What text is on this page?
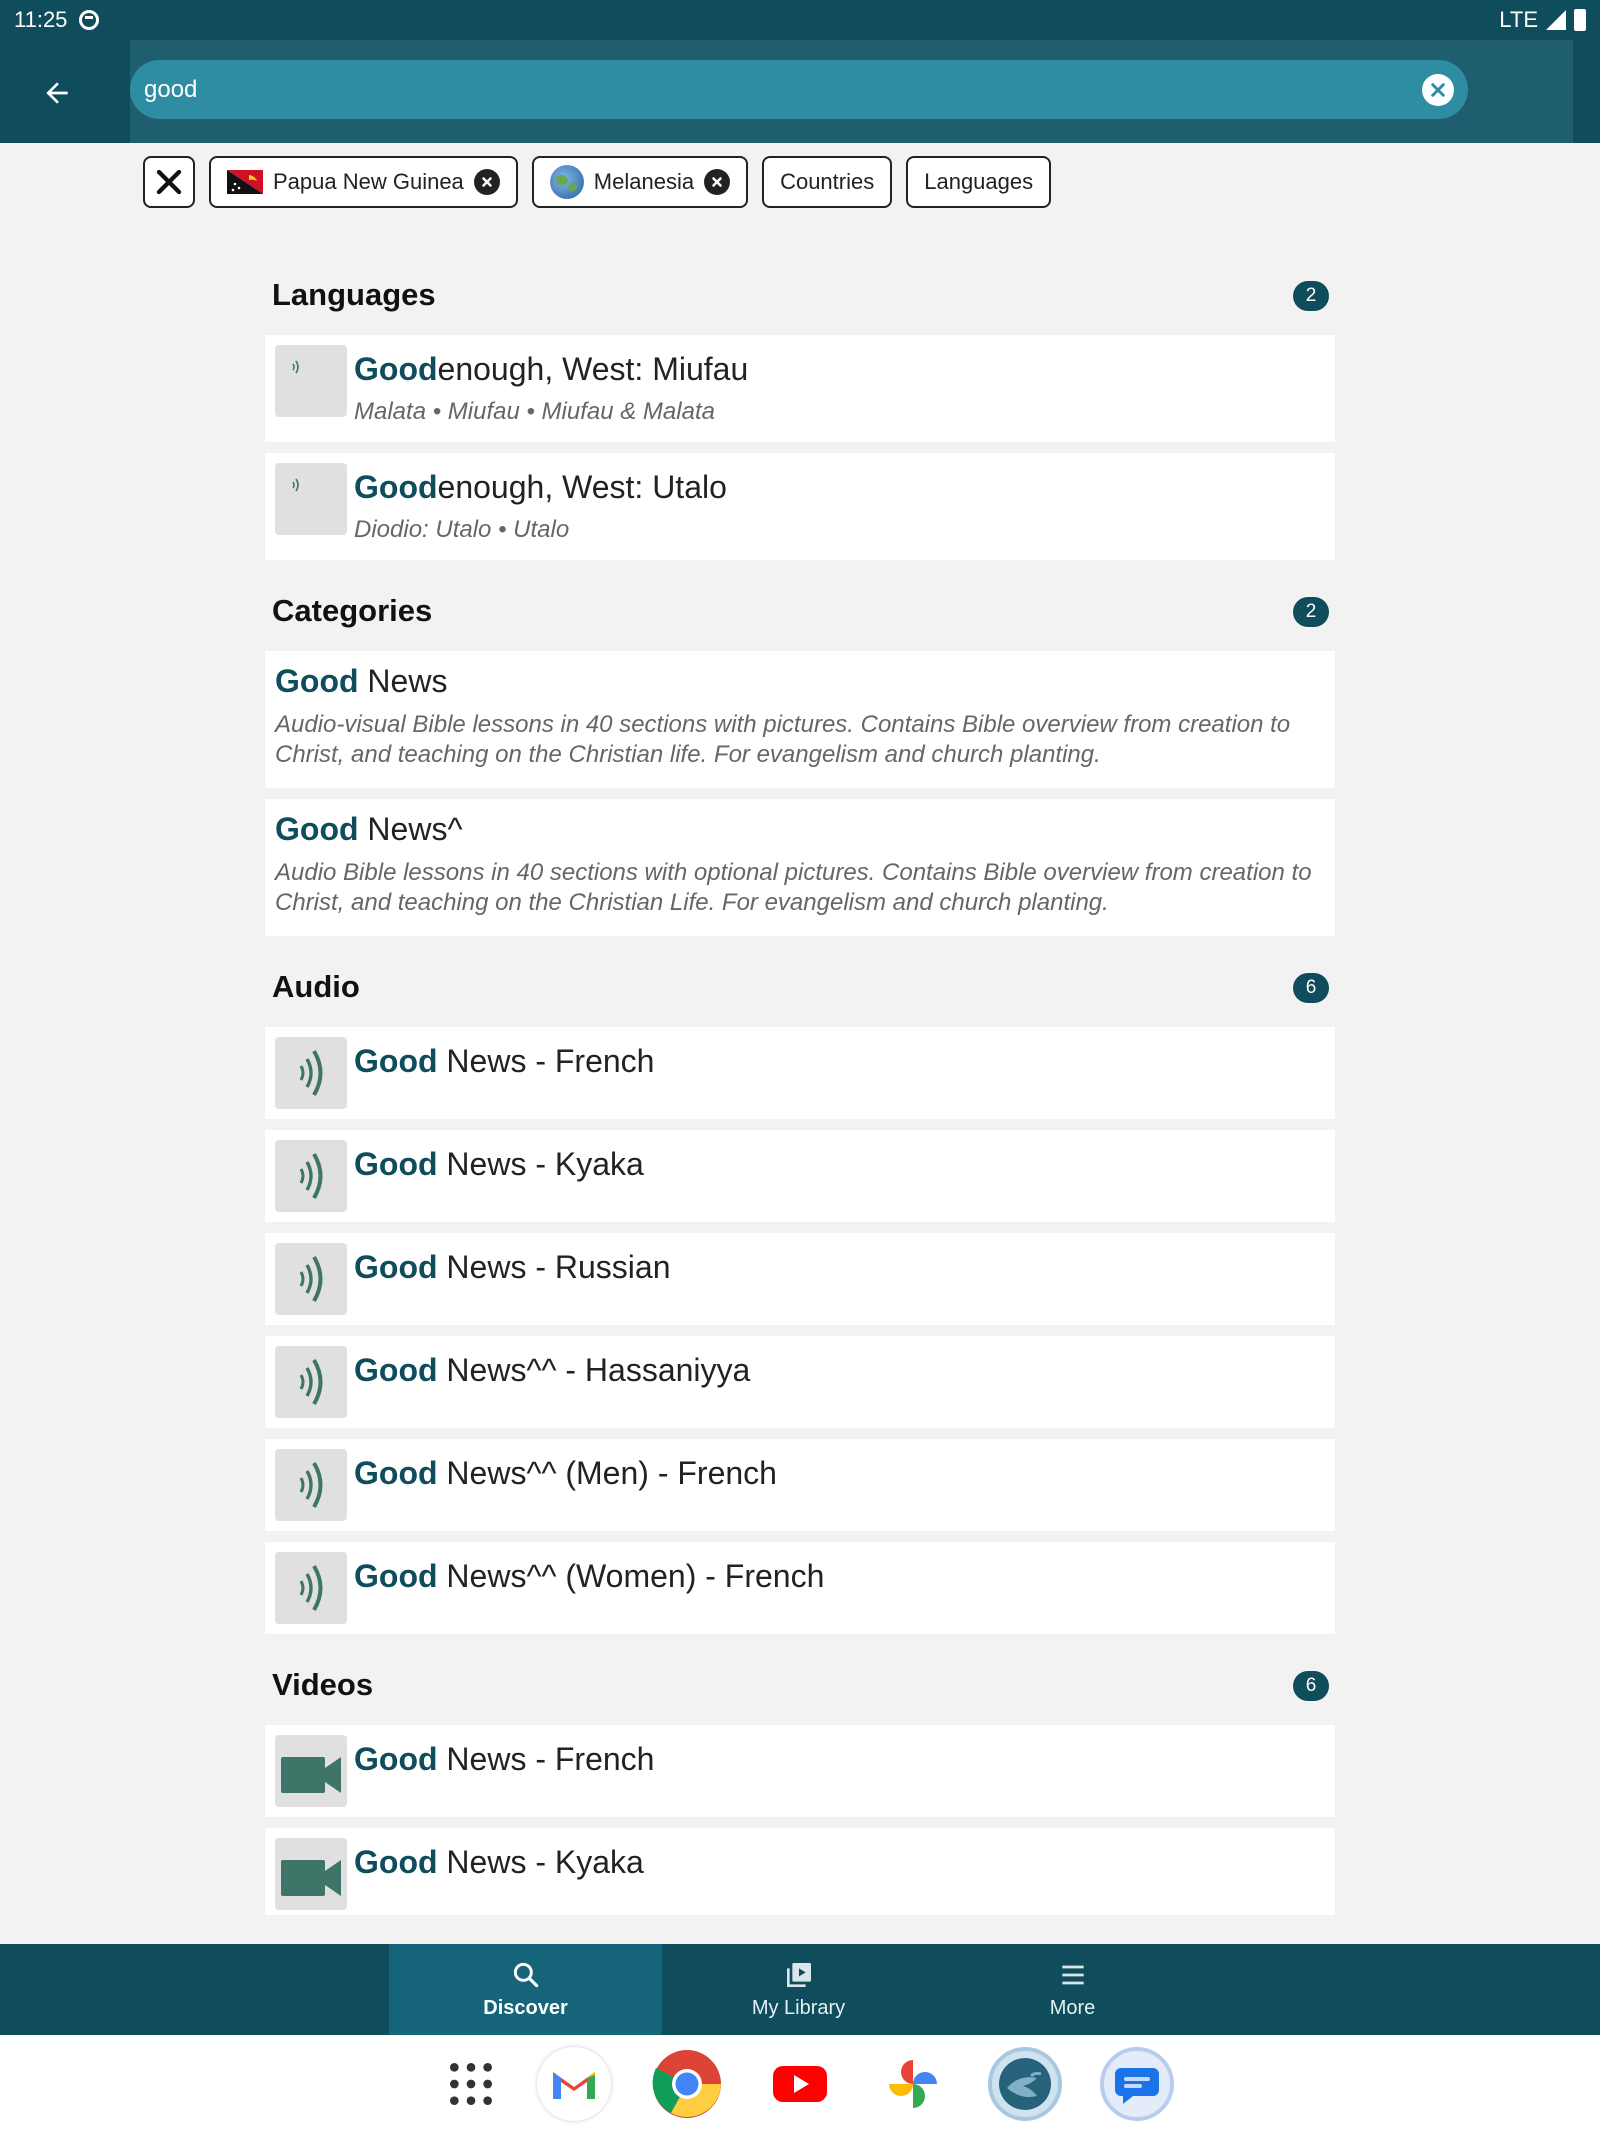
11:25	LTE
good
Papua New Guinea	Melanesia	Countries Languages
Languages	2
Goodenough, West: Miufau
Malata • Miufau • Miufau & Malata
Goodenough, West: Utalo
Diodio: Utalo • Utalo
Categories	2
Good News
Audio-visual Bible lessons in 40 sections with pictures. Contains Bible overview from creation to Christ, and teaching on the Christian life. For evangelism and church planting.
Good News^
Audio Bible lessons in 40 sections with optional pictures. Contains Bible overview from creation to Christ, and teaching on the Christian Life. For evangelism and church planting.
Audio	6
Good News - French
Good News - Kyaka
Good News - Russian
Good News^^ - Hassaniyya
Good News^^ (Men) - French
Good News^^ (Women) - French
Videos	6
Good News - French
Good News - Kyaka
Discover	My Library	More
